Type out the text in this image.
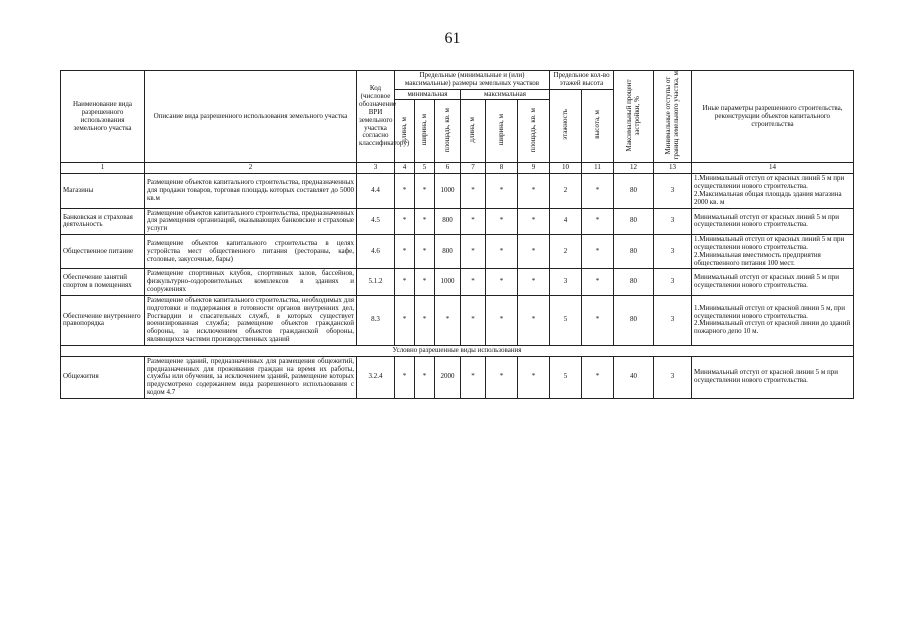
61
Наименование вида разрешенного использования земельного участка	Описание вида разрешенного использования земельного участка	Код (числовое обозначение ВРИ земельного участка согласно классификатору)	Предельные (минимальные и (или) максимальные) размеры земельных участков						Предельное кол-во этажей высота		Максимальный процент застройки, %	Минимальные отступы от границ земельного участка, м	Иные параметры разрешенного строительства, реконструкции объектов капитального строительства
			минимальная			максимальная			этажность	высота, м			
			длина, м	ширина, м	площадь, кв. м	длина, м	ширина, м	площадь, кв. м					
1	2	3	4	5	6	7	8	9	10	11	12	13	14
Магазины	Размещение объектов капитального строительства, предназначенных для продажи товаров, торговая площадь которых составляет до 5000 кв.м	4.4	*	*	1000	*	*	*	2	*	80	3	1.Минимальный отступ от красных линий 5 м при осуществлении нового строительства. 2.Максимальная общая площадь здания магазина 2000 кв. м
Банковская и страховая деятельность	Размещение объектов капитального строительства, предназначенных для размещения организаций, оказывающих банковские и страховые услуги	4.5	*	*	800	*	*	*	4	*	80	3	Минимальный отступ от красных линий 5 м при осуществлении нового строительства.
Общественное питание	Размещение объектов капитального строительства в целях устройства мест общественного питания (рестораны, кафе, столовые, закусочные, бары)	4.6	*	*	800	*	*	*	2	*	80	3	1.Минимальный отступ от красных линий 5 м при осуществлении нового строительства. 2.Минимальная вместимость предприятия общественного питания 100 мест.
Обеспечение занятий спортом в помещениях	Размещение спортивных клубов, спортивных залов, бассейнов, физкультурно-оздоровительных комплексов в зданиях и сооружениях	5.1.2	*	*	1000	*	*	*	3	*	80	3	Минимальный отступ от красных линий 5 м при осуществлении нового строительства.
Обеспечение внутреннего правопорядка	Размещение объектов капитального строительства, необходимых для подготовки и поддержания в готовности органов внутренних дел, Росгвардии и спасательных служб, в которых существует военизированная служба; размещение объектов гражданской обороны, за исключением объектов гражданской обороны, являющихся частями производственных зданий	8.3	*	*	*	*	*	*	5	*	80	3	1.Минимальный отступ от красной линии 5 м, при осуществлении нового строительства. 2.Минимальный отступ от красной линии до зданий пожарного депо 10 м.
Условно разрешенные виды использования													
Общежития	Размещение зданий, предназначенных для размещения общежитий, предназначенных для проживания граждан на время их работы, службы или обучения, за исключением зданий, размещение которых предусмотрено содержанием вида разрешенного использования с кодом 4.7	3.2.4	*	*	2000	*	*	*	5	*	40	3	Минимальный отступ от красной линии 5 м при осуществлении нового строительства.
